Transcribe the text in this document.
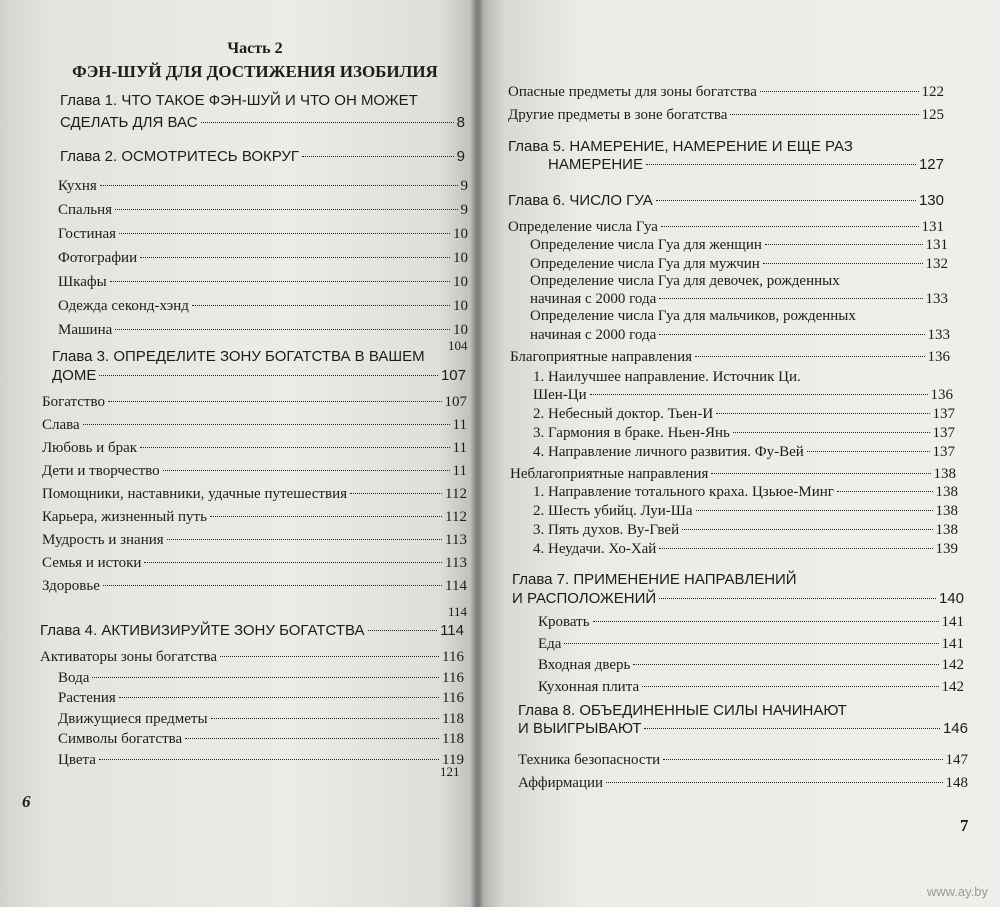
Часть 2
ФЭН-ШУЙ ДЛЯ ДОСТИЖЕНИЯ ИЗОБИЛИЯ
Глава 1. ЧТО ТАКОЕ ФЭН-ШУЙ И ЧТО ОН МОЖЕТ
СДЕЛАТЬ ДЛЯ ВАС	8
Глава 2. ОСМОТРИТЕСЬ ВОКРУГ	9
Кухня	9
Спальня	9
Гостиная	10
Фотографии	10
Шкафы	10
Одежда секонд-хэнд	10
Машина	10
Глава 3. ОПРЕДЕЛИТЕ ЗОНУ БОГАТСТВА В ВАШЕМ
ДОМЕ	107
Богатство	107
Слава	11
Любовь и брак	11
Дети и творчество	11
Помощники, наставники, удачные путешествия	112
Карьера, жизненный путь	112
Мудрость и знания	113
Семья и истоки	113
Здоровье	114
Глава 4. АКТИВИЗИРУЙТЕ ЗОНУ БОГАТСТВА	114
Активаторы зоны богатства	116
Вода	116
Растения	116
Движущиеся предметы	118
Символы богатства	118
Цвета	119
6
104
114
121
Опасные предметы для зоны богатства	122
Другие предметы в зоне богатства	125
Глава 5. НАМЕРЕНИЕ, НАМЕРЕНИЕ И ЕЩЕ РАЗ
НАМЕРЕНИЕ	127
Глава 6. ЧИСЛО ГУА	130
Определение числа Гуа	131
Определение числа Гуа для женщин	131
Определение числа Гуа для мужчин	132
Определение числа Гуа для девочек, рожденных
начиная с 2000 года	133
Определение числа Гуа для мальчиков, рожденных
начиная с 2000 года	133
Благоприятные направления	136
1. Наилучшее направление. Источник Ци.
Шен-Ци	136
2. Небесный доктор. Тьен-И	137
3. Гармония в браке. Ньен-Янь	137
4. Направление личного развития. Фу-Вей	137
Неблагоприятные направления	138
1. Направление тотального краха. Цзьюе-Минг	138
2. Шесть убийц. Луи-Ша	138
3. Пять духов. Ву-Гвей	138
4. Неудачи. Хо-Хай	139
Глава 7. ПРИМЕНЕНИЕ НАПРАВЛЕНИЙ
И РАСПОЛОЖЕНИЙ	140
Кровать	141
Еда	141
Входная дверь	142
Кухонная плита	142
Глава 8. ОБЪЕДИНЕННЫЕ СИЛЫ НАЧИНАЮТ
И ВЫИГРЫВАЮТ	146
Техника безопасности	147
Аффирмации	148
7
www.ay.by
